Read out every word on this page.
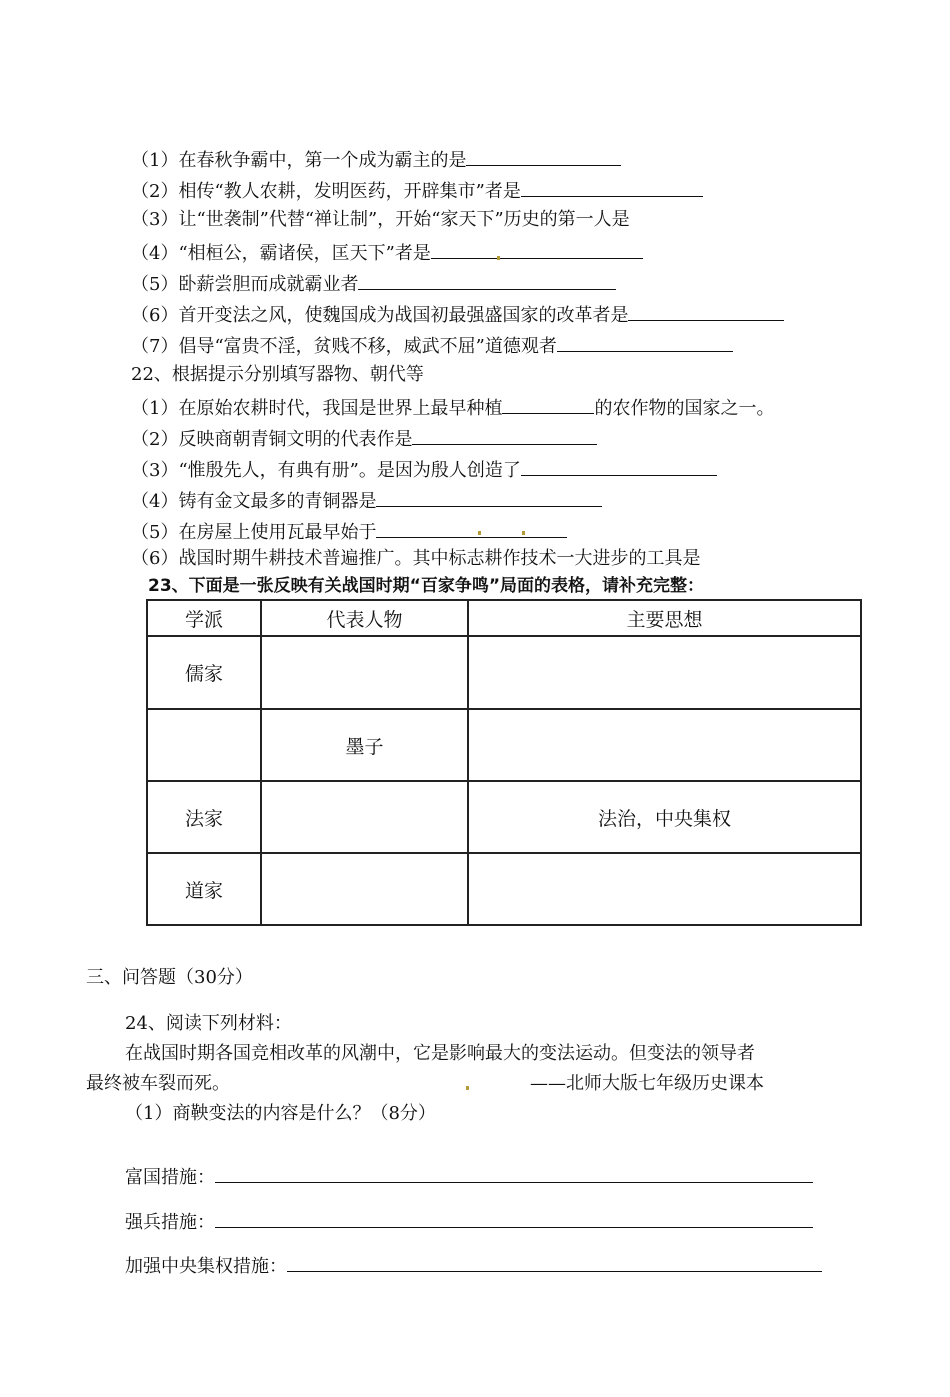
（1）在春秋争霸中，第一个成为霸主的是
（2）相传“教人农耕，发明医药，开辟集市”者是
（3）让“世袭制”代替“禅让制”，开始“家天下”历史的第一人是
（4）“相桓公，霸诸侯，匡天下”者是
（5）卧薪尝胆而成就霸业者
（6）首开变法之风，使魏国成为战国初最强盛国家的改革者是
（7）倡导“富贵不淫，贫贱不移，威武不屈”道德观者
22、根据提示分别填写器物、朝代等
（1）在原始农耕时代，我国是世界上最早种植	的农作物的国家之一。
（2）反映商朝青铜文明的代表作是
（3）“惟殷先人，有典有册”。是因为殷人创造了
（4）铸有金文最多的青铜器是
（5）在房屋上使用瓦最早始于
（6）战国时期牛耕技术普遍推广。其中标志耕作技术一大进步的工具是
23、下面是一张反映有关战国时期“百家争鸣”局面的表格，请补充完整：
学派	代表人物	主要思想
儒家		
	墨子	
法家		法治，中央集权
道家		
三、问答题（30分）
24、阅读下列材料：
在战国时期各国竞相改革的风潮中，它是影响最大的变法运动。但变法的领导者
最终被车裂而死。	——北师大版七年级历史课本
（1）商鞅变法的内容是什么？（8分）
富国措施：
强兵措施：
加强中央集权措施：
